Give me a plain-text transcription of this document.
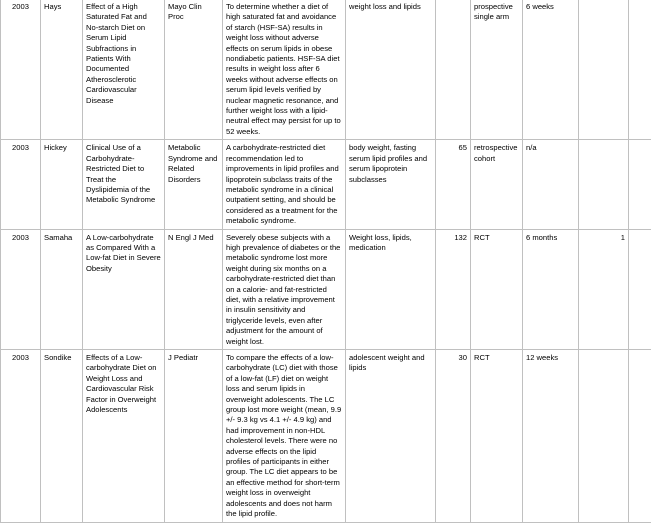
2003	Hays	Effect of a High Saturated Fat and No-starch Diet on Serum Lipid Subfractions in Patients With Documented Atherosclerotic Cardiovascular Disease	Mayo Clin Proc	To determine whether a diet of high saturated fat and avoidance of starch (HSF-SA) results in weight loss without adverse effects on serum lipids in obese nondiabetic patients. HSF-SA diet results in weight loss after 6 weeks without adverse effects on serum lipid levels verified by nuclear magnetic resonance, and further weight loss with a lipid-neutral effect may persist for up to 52 weeks.	weight loss and lipids		prospective single arm	6 weeks		
2003	Hickey	Clinical Use of a Carbohydrate-Restricted Diet to Treat the Dyslipidemia of the Metabolic Syndrome	Metabolic Syndrome and Related Disorders	A carbohydrate-restricted diet recommendation led to improvements in lipid profiles and lipoprotein subclass traits of the metabolic syndrome in a clinical outpatient setting, and should be considered as a treatment for the metabolic syndrome.	body weight, fasting serum lipid profiles and serum lipoprotein subclasses	65	retrospective cohort	n/a		
2003	Samaha	A Low-carbohydrate as Compared With a Low-fat Diet in Severe Obesity	N Engl J Med	Severely obese subjects with a high prevalence of diabetes or the metabolic syndrome lost more weight during six months on a carbohydrate-restricted diet than on a calorie- and fat-restricted diet, with a relative improvement in insulin sensitivity and triglyceride levels, even after adjustment for the amount of weight lost.	Weight loss, lipids, medication	132	RCT	6 months	1	
2003	Sondike	Effects of a Low-carbohydrate Diet on Weight Loss and Cardiovascular Risk Factor in Overweight Adolescents	J Pediatr	To compare the effects of a low-carbohydrate (LC) diet with those of a low-fat (LF) diet on weight loss and serum lipids in overweight adolescents. The LC group lost more weight (mean, 9.9 +/- 9.3 kg vs 4.1 +/- 4.9 kg) and had improvement in non-HDL cholesterol levels. There were no adverse effects on the lipid profiles of participants in either group. The LC diet appears to be an effective method for short-term weight loss in overweight adolescents and does not harm the lipid profile.	adolescent weight and lipids	30	RCT	12 weeks		
